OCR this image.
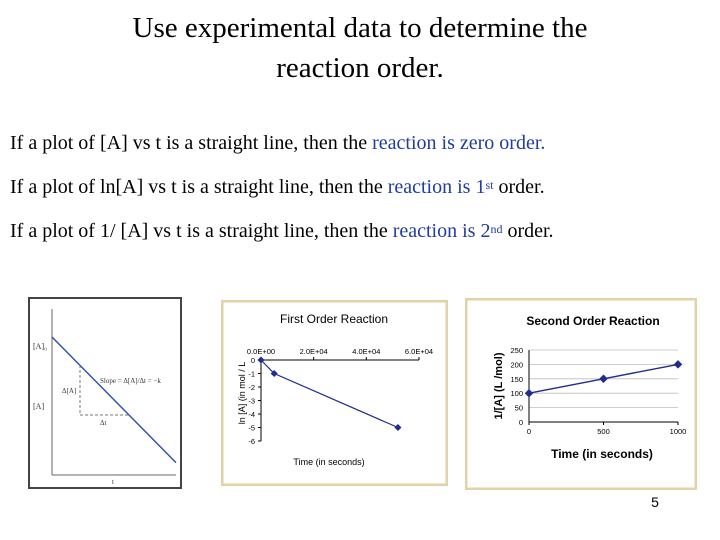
Use experimental data to determine the
reaction order.
If a plot of [A] vs t is a straight line, then the reaction is zero order.
If a plot of ln[A] vs t is a straight line, then the reaction is 1st order.
If a plot of 1/ [A] vs t is a straight line, then the reaction is 2nd order.
[A]₀
[A]
Δ[A]
Δt
Slope = Δ[A]/Δt = −k
t
First Order Reaction
Time (in seconds)
ln [A] (in mol / L
0.0E+00	2.0E+04	4.0E+04	6.0E+04
0
-1
-2
-3
-4
-5
-6
Second Order Reaction
Time (in seconds)
1/[A] (L /mol)
250
200
150
100
50
0
0	500	1000
5
